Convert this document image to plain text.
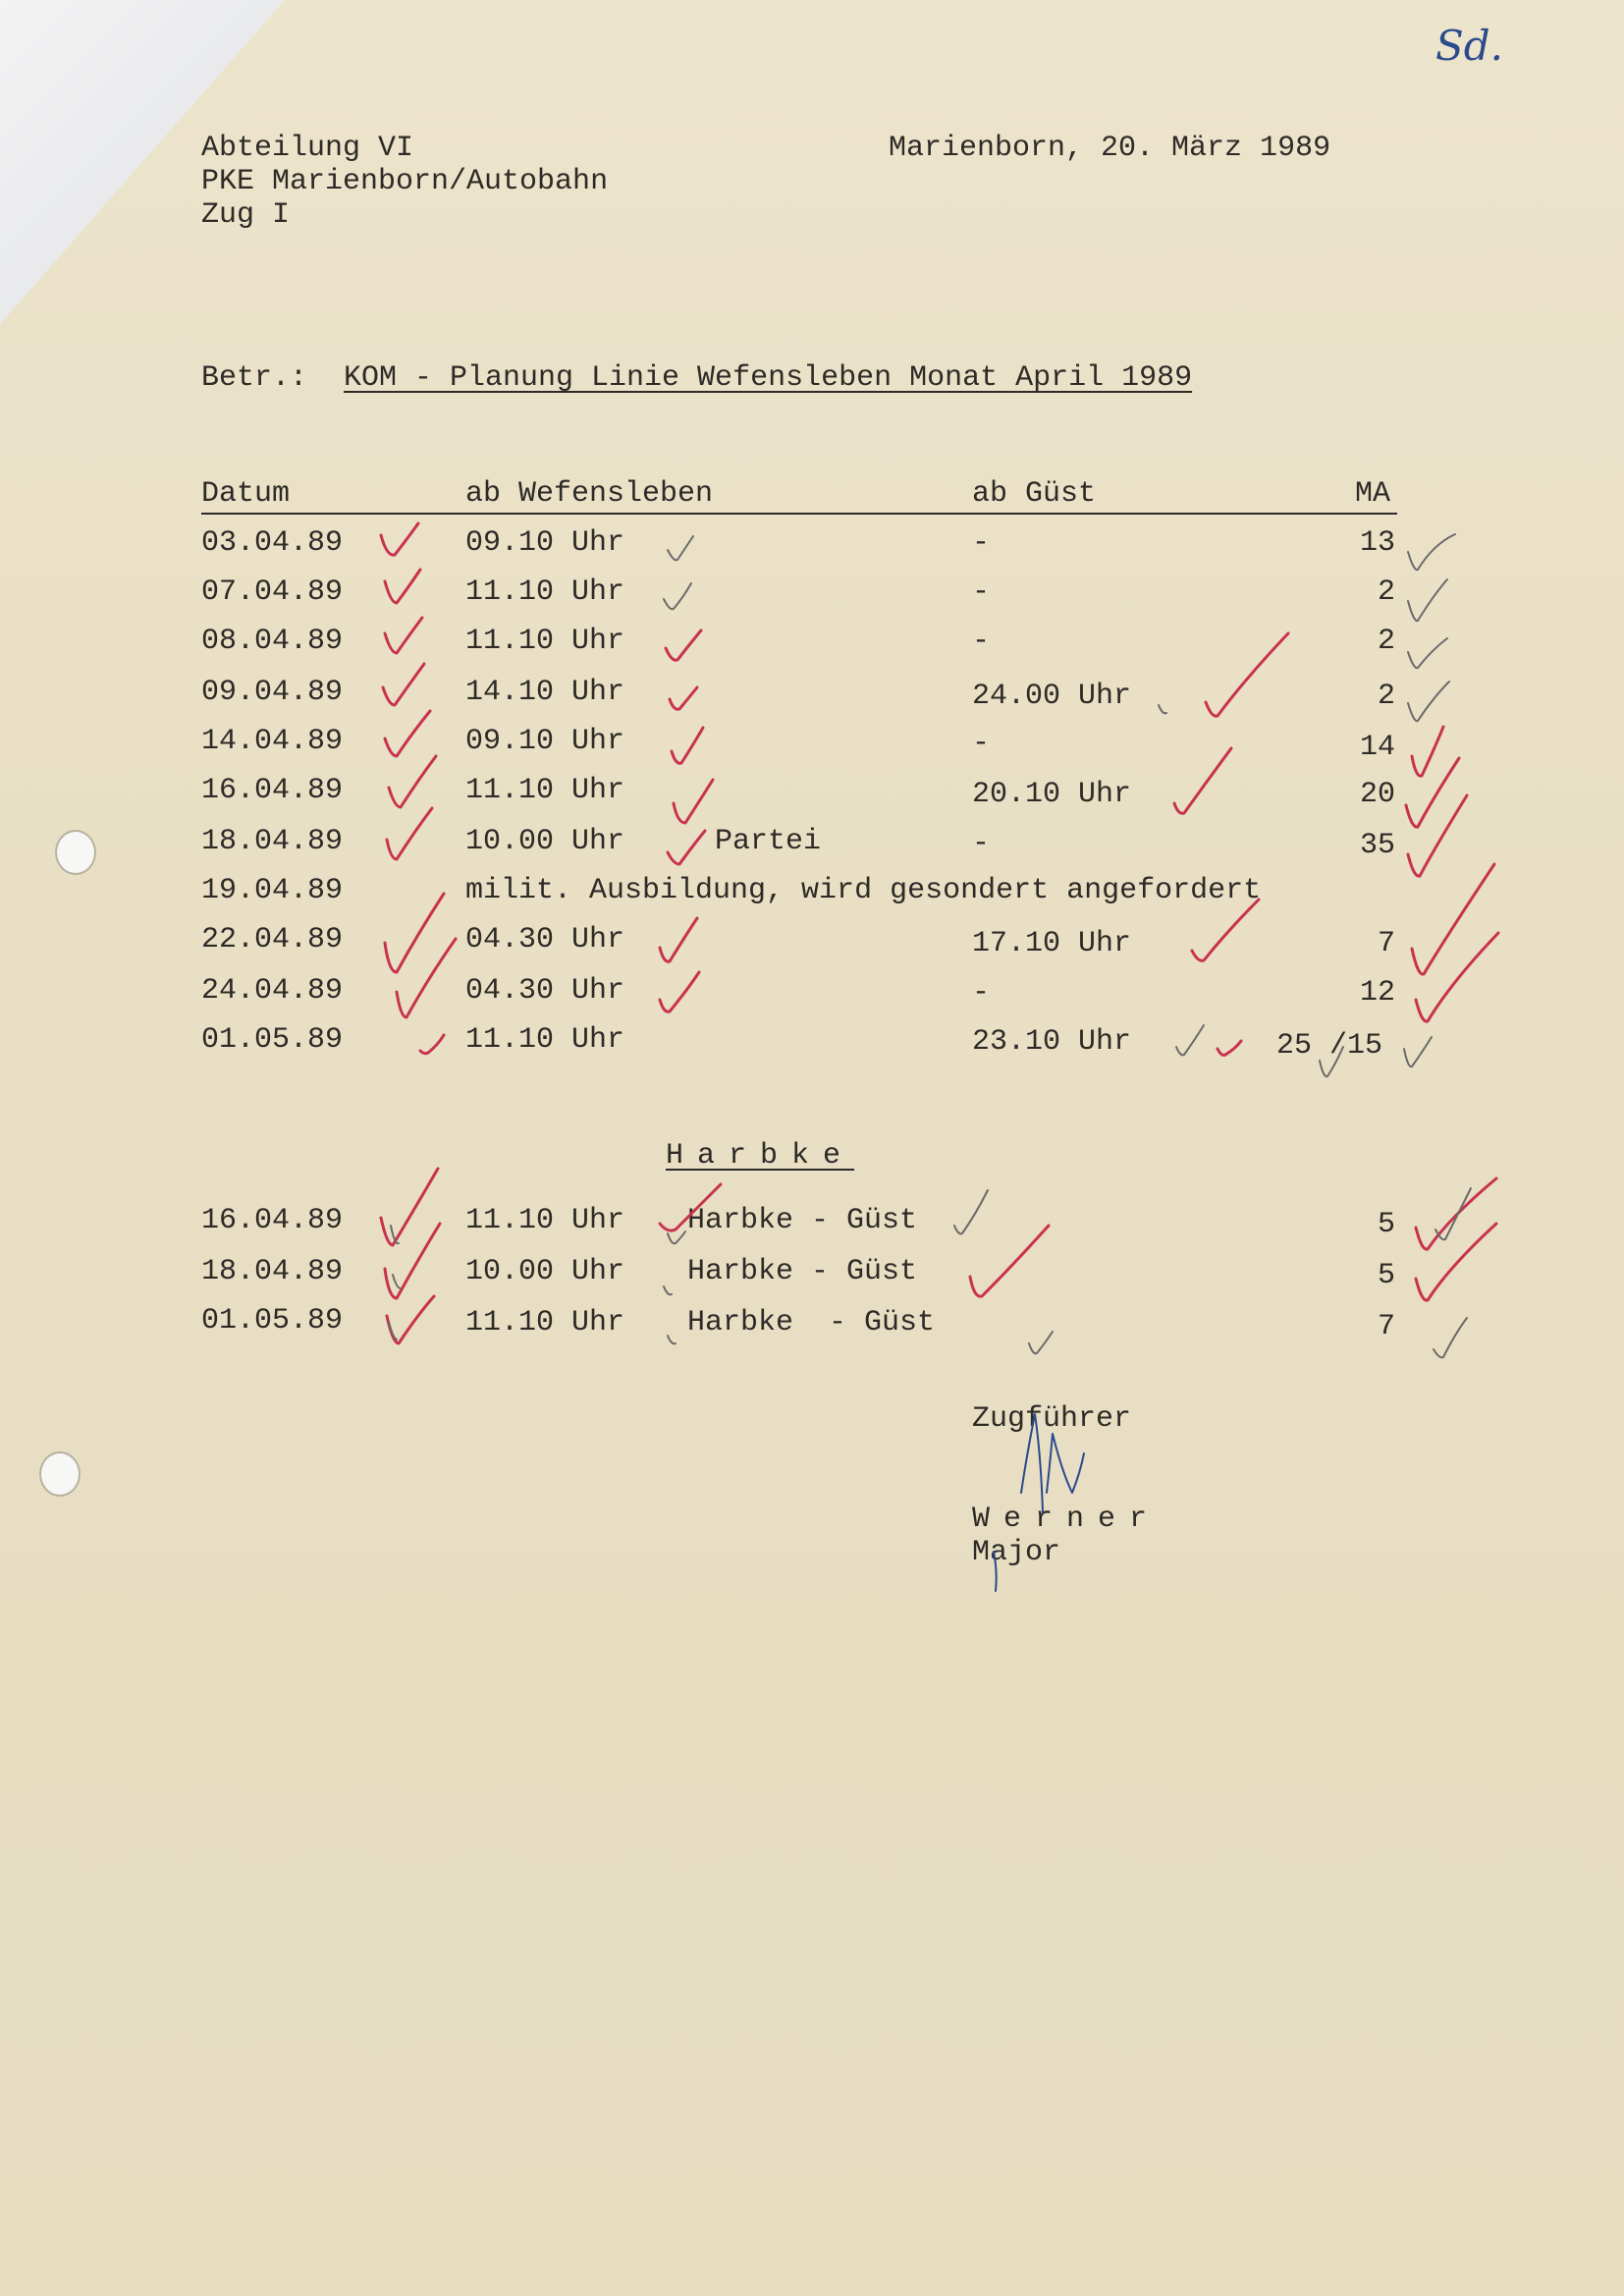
Abteilung VI
PKE Marienborn/Autobahn
Zug I
Marienborn, 20. März 1989
Sd.
Betr.: KOM - Planung Linie Wefensleben Monat April 1989
Datum	ab Wefensleben	ab Güst	MA
03.04.89	09.10 Uhr	-	13
07.04.89	11.10 Uhr	-	2
08.04.89	11.10 Uhr	-	2
09.04.89	14.10 Uhr	24.00 Uhr	2
14.04.89	09.10 Uhr	-	14
16.04.89	11.10 Uhr	20.10 Uhr	20
18.04.89	10.00 Uhr	Partei	-	35
19.04.89	milit. Ausbildung, wird gesondert angefordert
22.04.89	04.30 Uhr	17.10 Uhr	7
24.04.89	04.30 Uhr	-	12
01.05.89	11.10 Uhr	23.10 Uhr	25 /15
Harbke
16.04.89	11.10 Uhr Harbke - Güst	5
18.04.89	10.00 Uhr Harbke - Güst	5
01.05.89	11.10 Uhr Harbke  - Güst	7
Zugführer
Werner
Major
